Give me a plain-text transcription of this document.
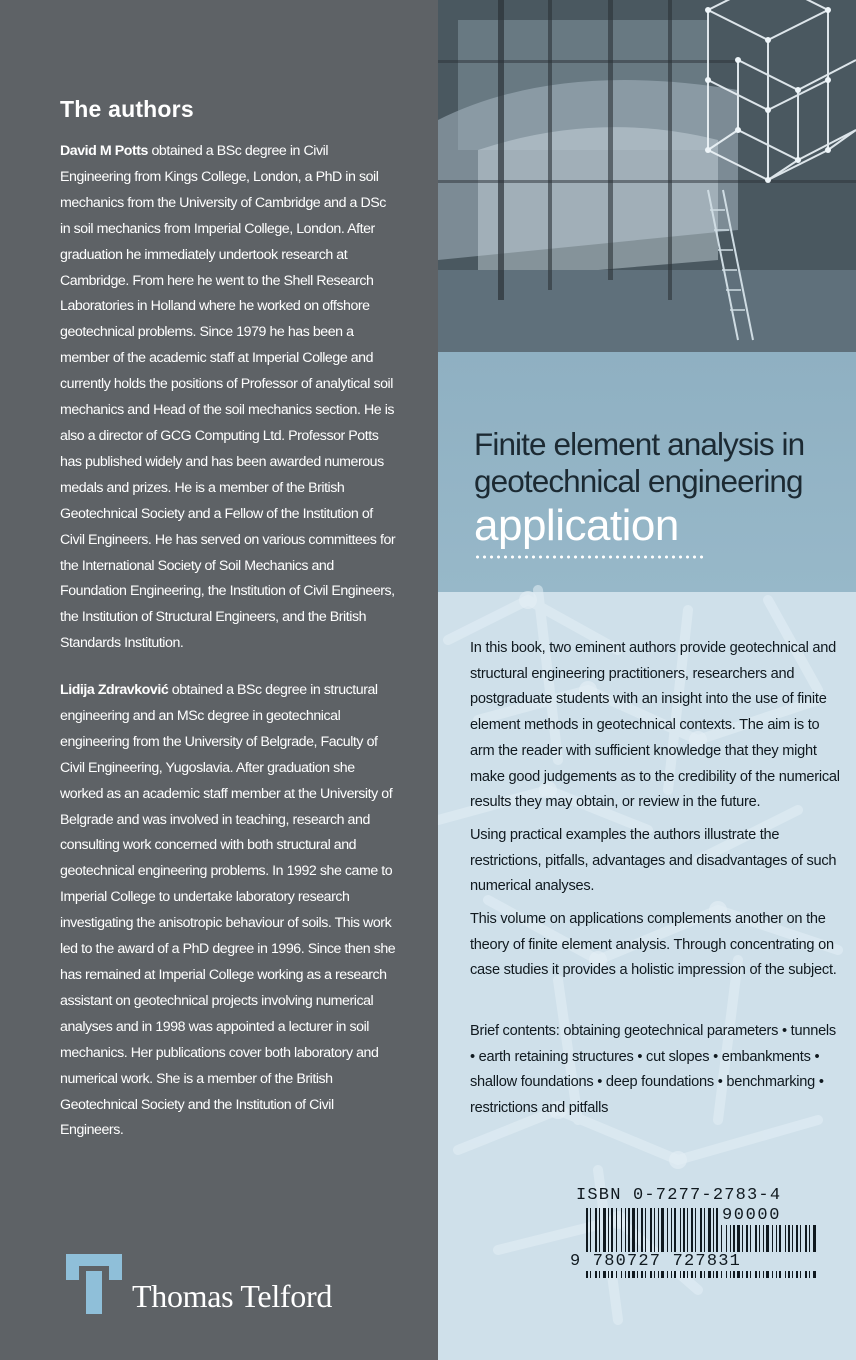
The authors

David M Potts obtained a BSc degree in Civil Engineering from Kings College, London, a PhD in soil mechanics from the University of Cambridge and a DSc in soil mechanics from Imperial College, London. After graduation he immediately undertook research at Cambridge. From here he went to the Shell Research Laboratories in Holland where he worked on offshore geotechnical problems. Since 1979 he has been a member of the academic staff at Imperial College and currently holds the positions of Professor of analytical soil mechanics and Head of the soil mechanics section. He is also a director of GCG Computing Ltd. Professor Potts has published widely and has been awarded numerous medals and prizes. He is a member of the British Geotechnical Society and a Fellow of the Institution of Civil Engineers. He has served on various committees for the International Society of Soil Mechanics and Foundation Engineering, the Institution of Civil Engineers, the Institution of Structural Engineers, and the British Standards Institution.

Lidija Zdravković obtained a BSc degree in structural engineering and an MSc degree in geotechnical engineering from the University of Belgrade, Faculty of Civil Engineering, Yugoslavia. After graduation she worked as an academic staff member at the University of Belgrade and was involved in teaching, research and consulting work concerned with both structural and geotechnical engineering problems. In 1992 she came to Imperial College to undertake laboratory research investigating the anisotropic behaviour of soils. This work led to the award of a PhD degree in 1996. Since then she has remained at Imperial College working as a research assistant on geotechnical projects involving numerical analyses and in 1998 was appointed a lecturer in soil mechanics. Her publications cover both laboratory and numerical work. She is a member of the British Geotechnical Society and the Institution of Civil Engineers.

Thomas Telford

Finite element analysis in

geotechnical engineering

application

In this book, two eminent authors provide geotechnical and structural engineering practitioners, researchers and postgraduate students with an insight into the use of finite element methods in geotechnical contexts. The aim is to arm the reader with sufficient knowledge that they might make good judgements as to the credibility of the numerical results they may obtain, or review in the future.

Using practical examples the authors illustrate the restrictions, pitfalls, advantages and disadvantages of such numerical analyses.

This volume on applications complements another on the theory of finite element analysis. Through concentrating on case studies it provides a holistic impression of the subject.

Brief contents: obtaining geotechnical parameters • tunnels • earth retaining structures • cut slopes • embankments • shallow foundations • deep foundations • benchmarking • restrictions and pitfalls

ISBN 0-7277-2783-4

90000

9 780727 727831
